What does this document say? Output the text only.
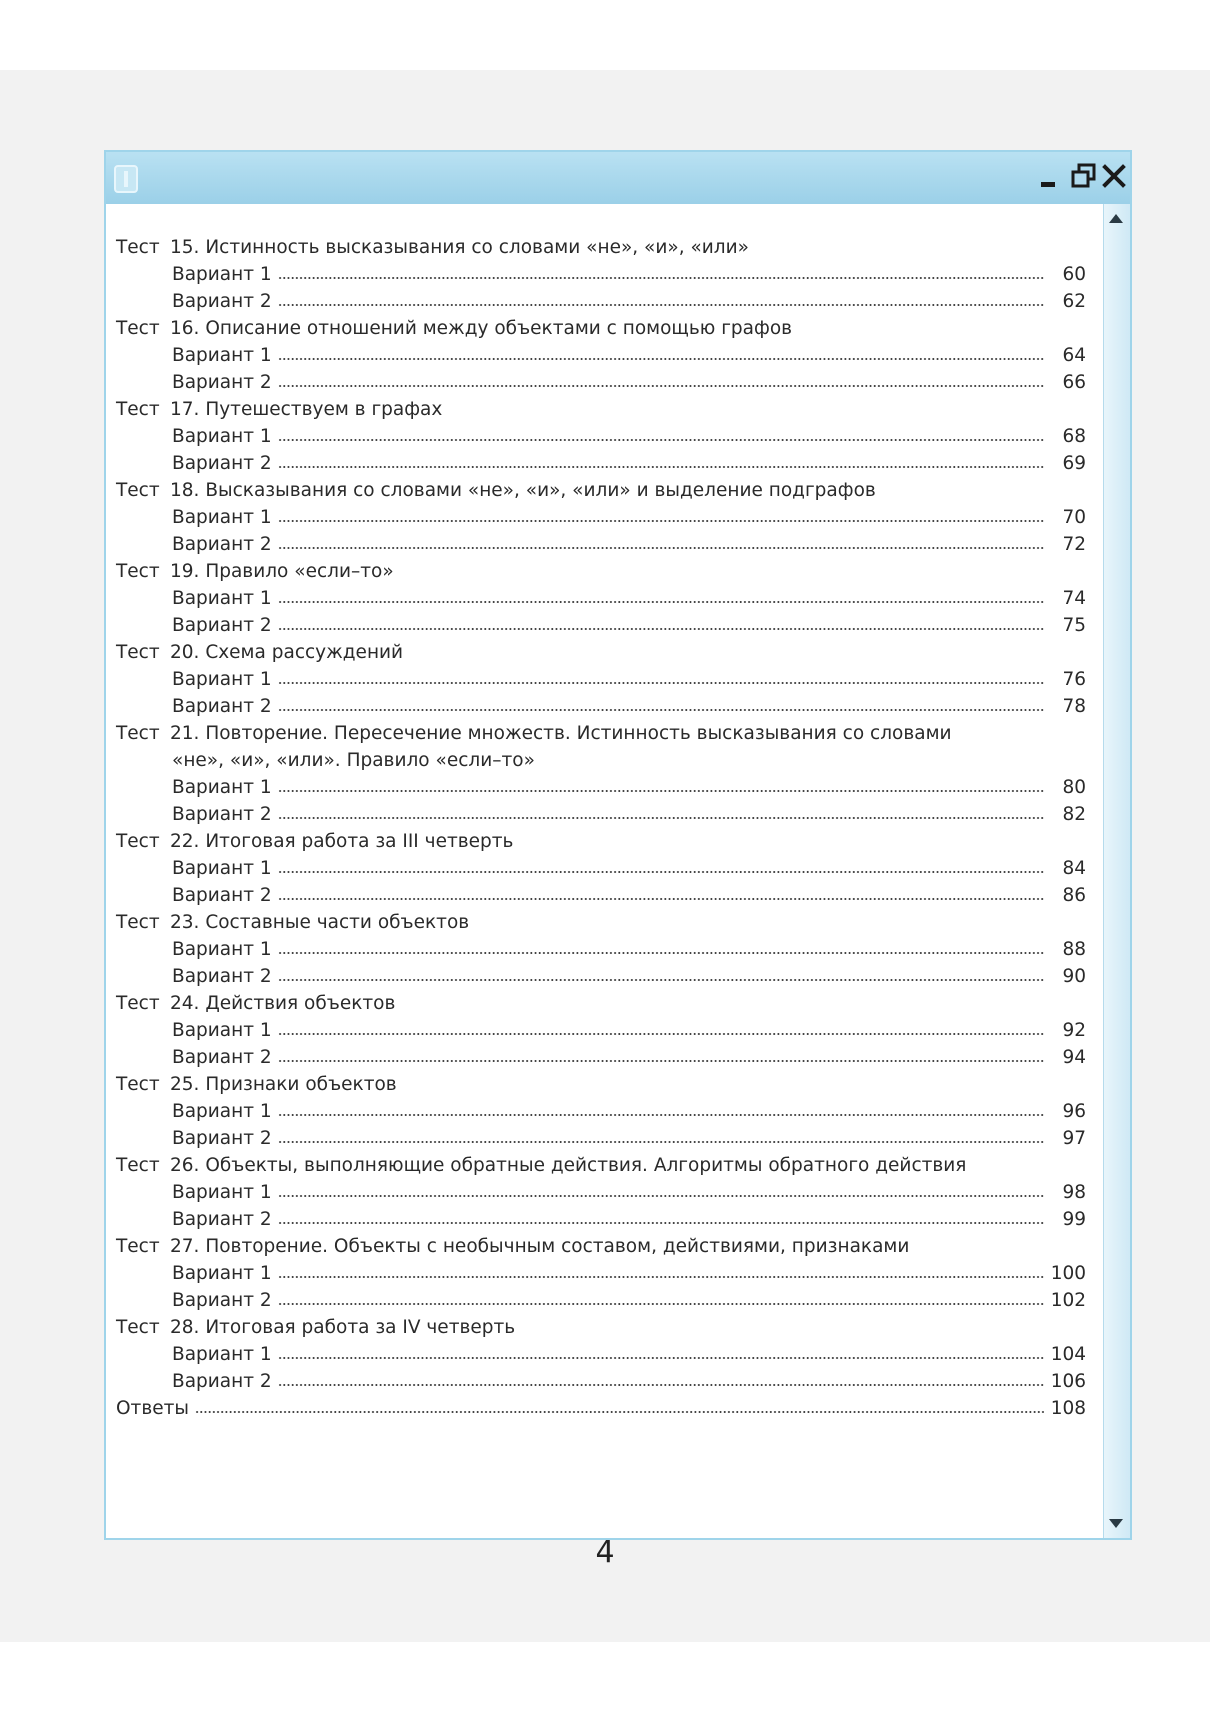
Тест 15. Истинность высказывания со словами «не», «и», «или»
Вариант 1	60
Вариант 2	62
Тест 16. Описание отношений между объектами с помощью графов
Вариант 1	64
Вариант 2	66
Тест 17. Путешествуем в графах
Вариант 1	68
Вариант 2	69
Тест 18. Высказывания со словами «не», «и», «или» и выделение подграфов
Вариант 1	70
Вариант 2	72
Тест 19. Правило «если–то»
Вариант 1	74
Вариант 2	75
Тест 20. Схема рассуждений
Вариант 1	76
Вариант 2	78
Тест 21. Повторение. Пересечение множеств. Истинность высказывания со словами
«не», «и», «или». Правило «если–то»
Вариант 1	80
Вариант 2	82
Тест 22. Итоговая работа за III четверть
Вариант 1	84
Вариант 2	86
Тест 23. Составные части объектов
Вариант 1	88
Вариант 2	90
Тест 24. Действия объектов
Вариант 1	92
Вариант 2	94
Тест 25. Признаки объектов
Вариант 1	96
Вариант 2	97
Тест 26. Объекты, выполняющие обратные действия. Алгоритмы обратного действия
Вариант 1	98
Вариант 2	99
Тест 27. Повторение. Объекты с необычным составом, действиями, признаками
Вариант 1	100
Вариант 2	102
Тест 28. Итоговая работа за IV четверть
Вариант 1	104
Вариант 2	106
Ответы	108
4
